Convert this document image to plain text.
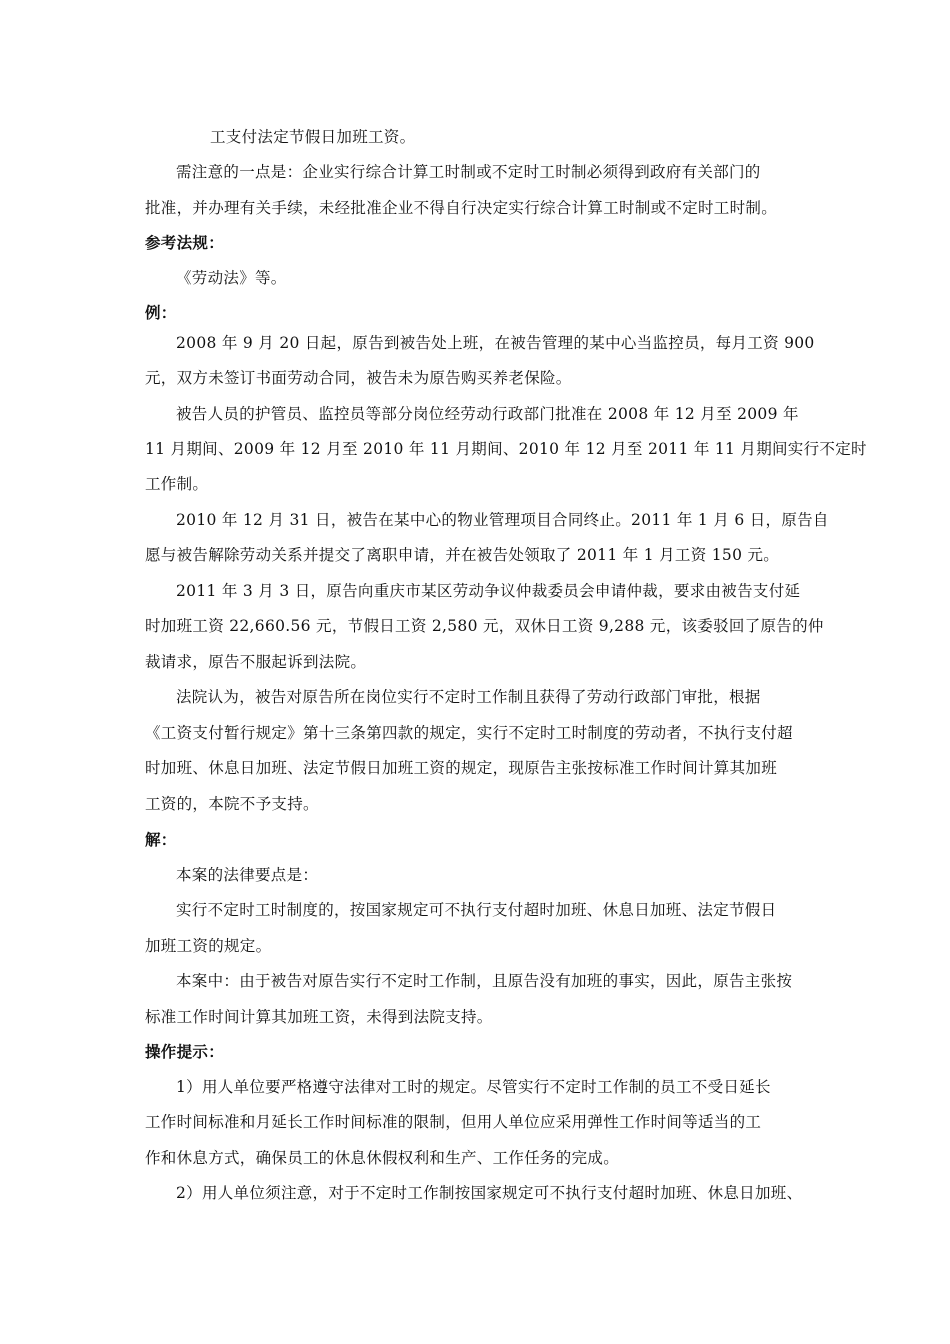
工支付法定节假日加班工资。
需注意的一点是：企业实行综合计算工时制或不定时工时制必须得到政府有关部门的
批准，并办理有关手续，未经批准企业不得自行决定实行综合计算工时制或不定时工时制。
参考法规：
《劳动法》等。
例：
2008 年 9 月 20 日起，原告到被告处上班，在被告管理的某中心当监控员，每月工资 900
元，双方未签订书面劳动合同，被告未为原告购买养老保险。
被告人员的护管员、监控员等部分岗位经劳动行政部门批准在 2008 年 12 月至 2009 年
11 月期间、2009 年 12 月至 2010 年 11 月期间、2010 年 12 月至 2011 年 11 月期间实行不定时
工作制。
2010 年 12 月 31 日，被告在某中心的物业管理项目合同终止。2011 年 1 月 6 日，原告自
愿与被告解除劳动关系并提交了离职申请，并在被告处领取了 2011 年 1 月工资 150 元。
2011 年 3 月 3 日，原告向重庆市某区劳动争议仲裁委员会申请仲裁，要求由被告支付延
时加班工资 22,660.56 元，节假日工资 2,580 元，双休日工资 9,288 元，该委驳回了原告的仲
裁请求，原告不服起诉到法院。
法院认为，被告对原告所在岗位实行不定时工作制且获得了劳动行政部门审批，根据
《工资支付暂行规定》第十三条第四款的规定，实行不定时工时制度的劳动者，不执行支付超
时加班、休息日加班、法定节假日加班工资的规定，现原告主张按标准工作时间计算其加班
工资的，本院不予支持。
解：
本案的法律要点是：
实行不定时工时制度的，按国家规定可不执行支付超时加班、休息日加班、法定节假日
加班工资的规定。
本案中：由于被告对原告实行不定时工作制，且原告没有加班的事实，因此，原告主张按
标准工作时间计算其加班工资，未得到法院支持。
操作提示：
1）用人单位要严格遵守法律对工时的规定。尽管实行不定时工作制的员工不受日延长
工作时间标准和月延长工作时间标准的限制，但用人单位应采用弹性工作时间等适当的工
作和休息方式，确保员工的休息休假权利和生产、工作任务的完成。
2）用人单位须注意，对于不定时工作制按国家规定可不执行支付超时加班、休息日加班、
